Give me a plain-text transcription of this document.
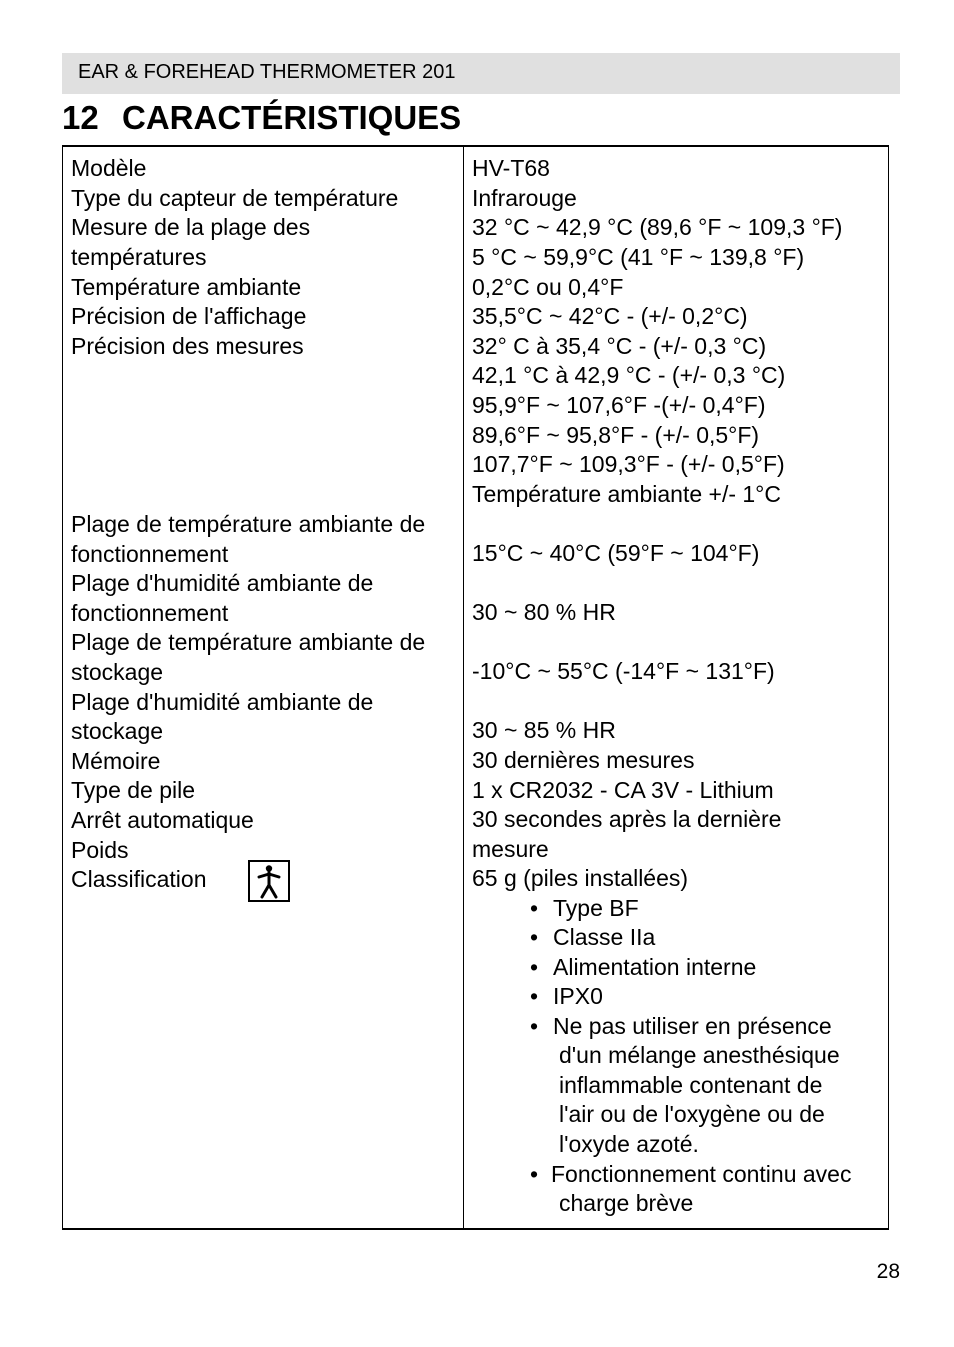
EAR & FOREHEAD THERMOMETER 201
12 CARACTÉRISTIQUES
Modèle
Type du capteur de température
Mesure de la plage des
températures
Température ambiante
Précision de l'affichage
Précision des mesures
Plage de température ambiante de
fonctionnement
Plage d'humidité ambiante de
fonctionnement
Plage de température ambiante de
stockage
Plage d'humidité ambiante de
stockage
Mémoire
Type de pile
Arrêt automatique
Poids
Classification
HV-T68
Infrarouge
32 °C ~ 42,9 °C (89,6 °F ~ 109,3 °F)
5 °C ~ 59,9°C (41 °F ~ 139,8 °F)
0,2°C ou 0,4°F
35,5°C ~ 42°C - (+/- 0,2°C)
32° C à 35,4 °C - (+/- 0,3 °C)
42,1 °C à 42,9 °C - (+/- 0,3 °C)
95,9°F ~ 107,6°F -(+/- 0,4°F)
89,6°F ~ 95,8°F - (+/- 0,5°F)
107,7°F ~ 109,3°F - (+/- 0,5°F)
Température ambiante +/- 1°C
15°C ~ 40°C (59°F ~ 104°F)
30 ~ 80 % HR
-10°C ~ 55°C (-14°F ~ 131°F)
30 ~ 85 % HR
30 dernières mesures
1 x CR2032 - CA 3V - Lithium
30 secondes après la dernière
mesure
65 g (piles installées)
• Type BF
• Classe IIa
• Alimentation interne
• IPX0
• Ne pas utiliser en présence
d'un mélange anesthésique
inflammable contenant de
l'air ou de l'oxygène ou de
l'oxyde azoté.
• Fonctionnement continu avec
charge brève
28
